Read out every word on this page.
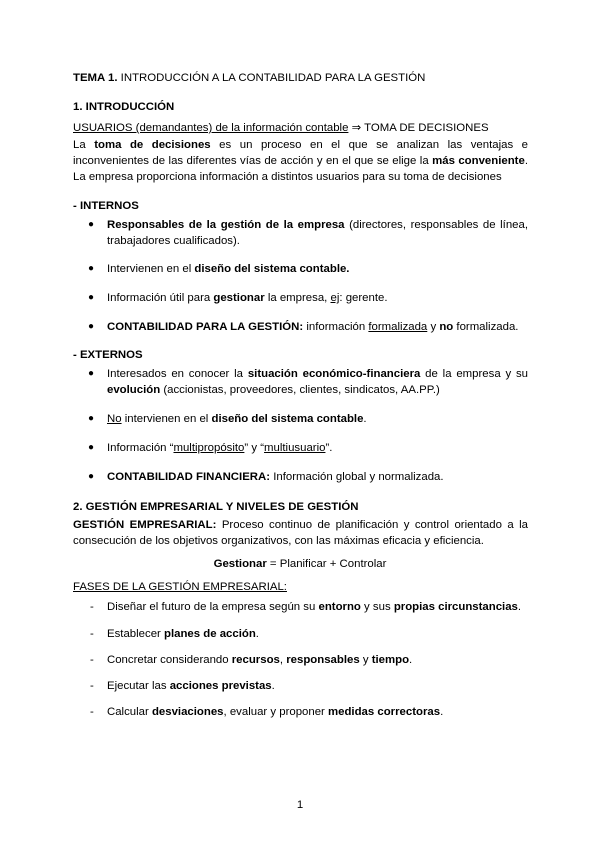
TEMA 1. INTRODUCCIÓN A LA CONTABILIDAD PARA LA GESTIÓN
1. INTRODUCCIÓN
USUARIOS (demandantes) de la información contable ⇒ TOMA DE DECISIONES
La toma de decisiones es un proceso en el que se analizan las ventajas e inconvenientes de las diferentes vías de acción y en el que se elige la más conveniente. La empresa proporciona información a distintos usuarios para su toma de decisiones
- INTERNOS
● Responsables de la gestión de la empresa (directores, responsables de línea, trabajadores cualificados).
● Intervienen en el diseño del sistema contable.
● Información útil para gestionar la empresa, ej: gerente.
● CONTABILIDAD PARA LA GESTIÓN: información formalizada y no formalizada.
- EXTERNOS
● Interesados en conocer la situación económico-financiera de la empresa y su evolución (accionistas, proveedores, clientes, sindicatos, AA.PP.)
● No intervienen en el diseño del sistema contable.
● Información “multipropósito” y “multiusuario”.
● CONTABILIDAD FINANCIERA: Información global y normalizada.
2. GESTIÓN EMPRESARIAL Y NIVELES DE GESTIÓN
GESTIÓN EMPRESARIAL: Proceso continuo de planificación y control orientado a la consecución de los objetivos organizativos, con las máximas eficacia y eficiencia.
Gestionar = Planificar + Controlar
FASES DE LA GESTIÓN EMPRESARIAL:
- Diseñar el futuro de la empresa según su entorno y sus propias circunstancias.
- Establecer planes de acción.
- Concretar considerando recursos, responsables y tiempo.
- Ejecutar las acciones previstas.
- Calcular desviaciones, evaluar y proponer medidas correctoras.
1
